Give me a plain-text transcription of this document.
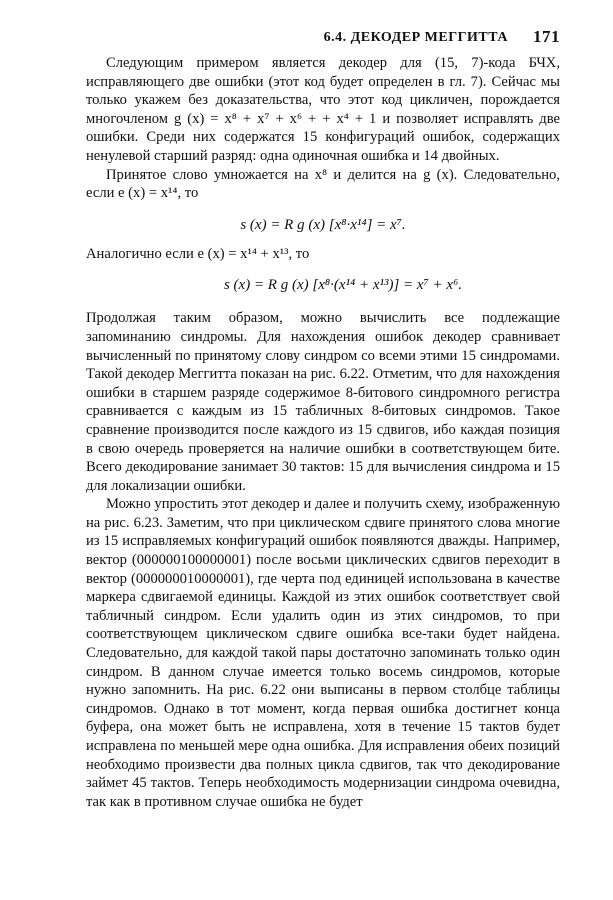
6.4. ДЕКОДЕР МЕГГИТТА 171

Следующим примером является декодер для (15, 7)-кода БЧХ, исправляющего две ошибки (этот код будет определен в гл. 7). Сейчас мы только укажем без доказательства, что этот код цикличен, порождается многочленом g (x) = x⁸ + x⁷ + x⁶ + + x⁴ + 1 и позволяет исправлять две ошибки. Среди них содержатся 15 конфигураций ошибок, содержащих ненулевой старший разряд: одна одиночная ошибка и 14 двойных.

Принятое слово умножается на x⁸ и делится на g (x). Следовательно, если e (x) = x¹⁴, то

s (x) = R g (x) [x⁸·x¹⁴] = x⁷.

Аналогично если e (x) = x¹⁴ + x¹³, то

s (x) = R g (x) [x⁸·(x¹⁴ + x¹³)] = x⁷ + x⁶.

Продолжая таким образом, можно вычислить все подлежащие запоминанию синдромы. Для нахождения ошибок декодер сравнивает вычисленный по принятому слову синдром со всеми этими 15 синдромами. Такой декодер Меггитта показан на рис. 6.22. Отметим, что для нахождения ошибки в старшем разряде содержимое 8-битового синдромного регистра сравнивается с каждым из 15 табличных 8-битовых синдромов. Такое сравнение производится после каждого из 15 сдвигов, ибо каждая позиция в свою очередь проверяется на наличие ошибки в соответствующем бите. Всего декодирование занимает 30 тактов: 15 для вычисления синдрома и 15 для локализации ошибки.

Можно упростить этот декодер и далее и получить схему, изображенную на рис. 6.23. Заметим, что при циклическом сдвиге принятого слова многие из 15 исправляемых конфигураций ошибок появляются дважды. Например, вектор (000000100000001) после восьми циклических сдвигов переходит в вектор (000000010000001), где черта под единицей использована в качестве маркера сдвигаемой единицы. Каждой из этих ошибок соответствует свой табличный синдром. Если удалить один из этих синдромов, то при соответствующем циклическом сдвиге ошибка все-таки будет найдена. Следовательно, для каждой такой пары достаточно запоминать только один синдром. В данном случае имеется только восемь синдромов, которые нужно запомнить. На рис. 6.22 они выписаны в первом столбце таблицы синдромов. Однако в тот момент, когда первая ошибка достигнет конца буфера, она может быть не исправлена, хотя в течение 15 тактов будет исправлена по меньшей мере одна ошибка. Для исправления обеих позиций необходимо произвести два полных цикла сдвигов, так что декодирование займет 45 тактов. Теперь необходимость модернизации синдрома очевидна, так как в противном случае ошибка не будет
